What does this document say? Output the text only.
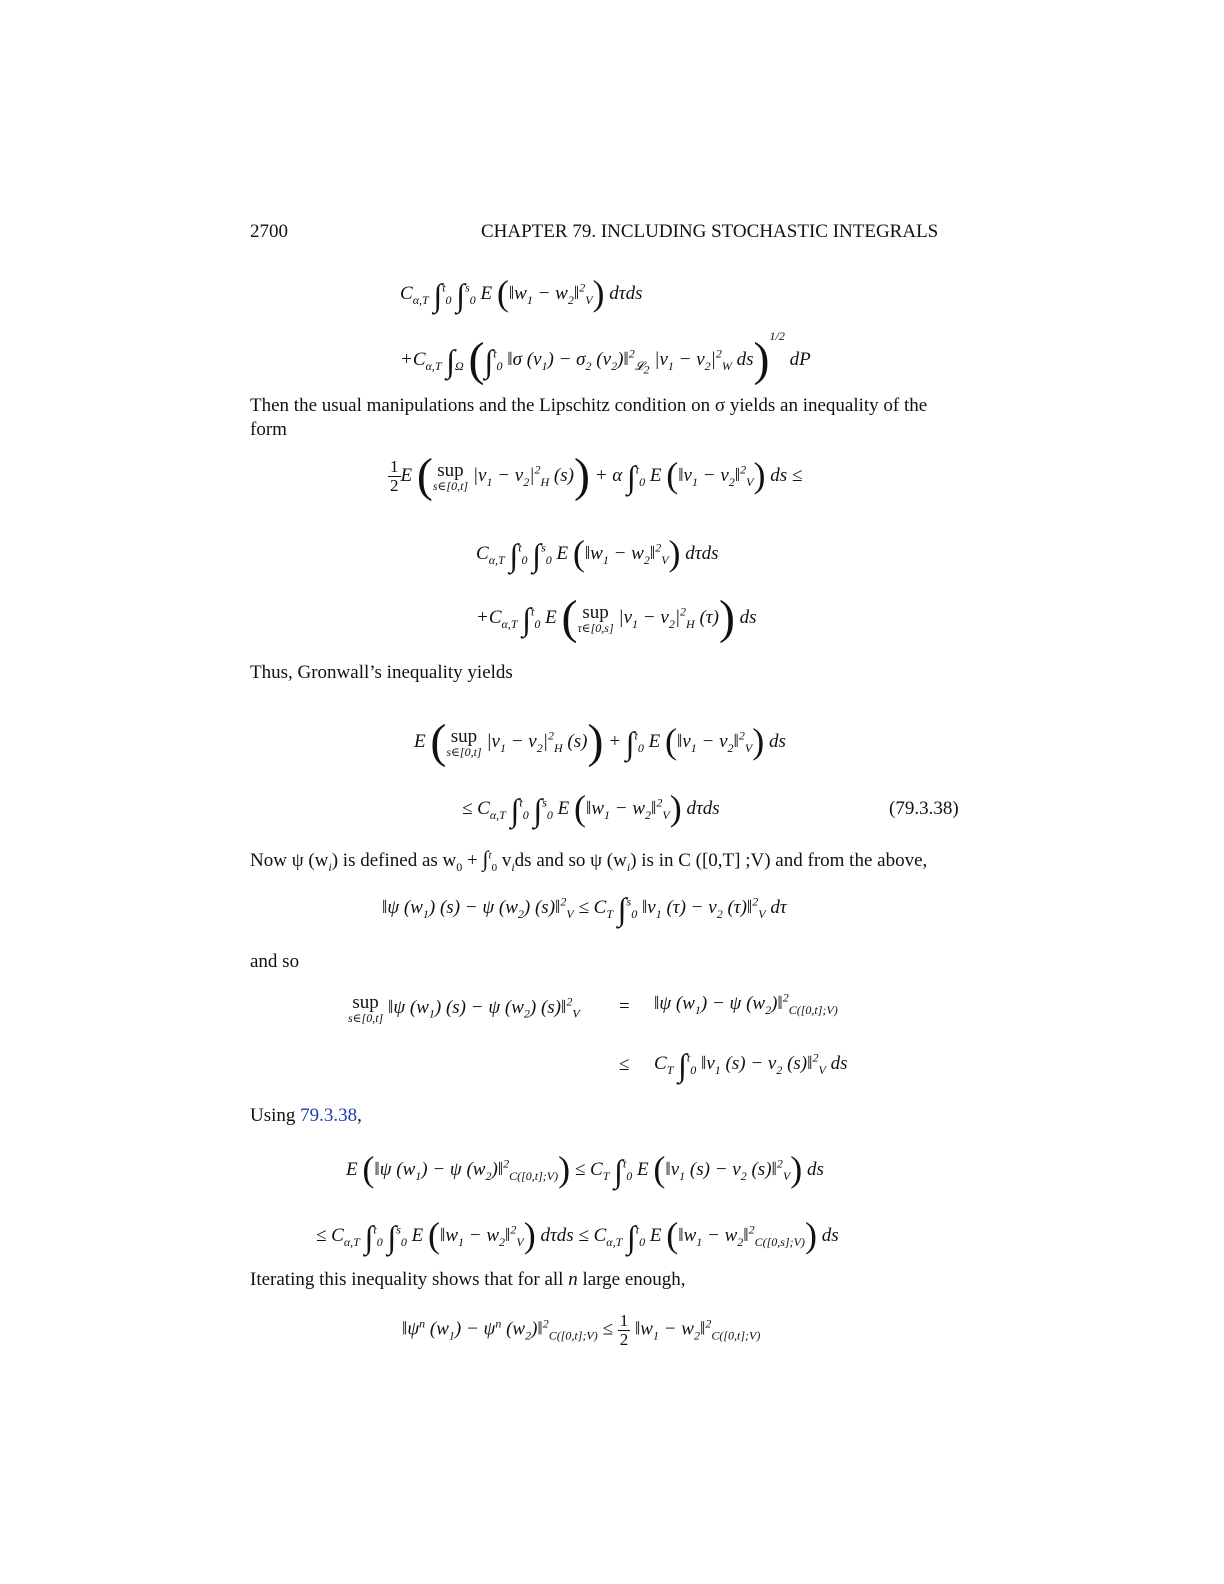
2700	CHAPTER 79. INCLUDING STOCHASTIC INTEGRALS
$C_{\alpha,T}$ ∫$^t_0$ ∫$^s_0$ E ($‖w_1$ − $w_2‖^2_V$) dτds
$+C_{\alpha,T}$ $\int_\Omega$ (∫$^t_0$ ‖σ $(v_1) - \sigma_2$ $(v_2)‖^2_{𝓛_2}$ $|v_1 - v_2|^2_W$ ds)$^{1/2}$ dP
Then the usual manipulations and the Lipschitz condition on σ yields an inequality of the
form
$\frac{1}{2}$ E ( sup
s∈[0,t]
$|v_1 - v_2|^2_H$ (s)) + α ∫$^t_0$ E ($‖v_1$ − $v_2‖^2_V$) ds ≤
$C_{\alpha,T}$ ∫$^t_0$ ∫$^s_0$ E ($‖w_1$ − $w_2‖^2_V$) dτds
$+C_{\alpha,T}$ ∫$^t_0$ E ( sup
τ∈[0,s]
$|v_1 - v_2|^2_H$ (τ)) ds
Thus, Gronwall’s inequality yields
E ( sup
s∈[0,t]
$|v_1 - v_2|^2_H$ (s)) + ∫$^t_0$ E ($‖v_1$ − $v_2‖^2_V$) ds
≤ $C_{\alpha,T}$ ∫$^t_0$ ∫$^s_0$ E ($‖w_1$ − $w_2‖^2_V$) dτds	(79.3.38)
Now ψ $(w_i)$ is defined as $w_0 + \int^t_0$ $v_ids$ and so ψ $(w_i)$ is in C ([0,T] ;V) and from the above,
‖ψ $(w_1) (s) - \psi$ $(w_2)$ (s)‖$^2_V$ ≤ $C_T$ ∫$^s_0$ $‖v_1$ $(\tau) - v_2$ (τ)‖$^2_V$ dτ
and so
sup
s∈[0,t]
‖ψ $(w_1) (s) - \psi$ $(w_2)$ (s)‖$^2_V$ = ‖ψ $(w_1) - \psi$ $(w_2)‖^2_{C([0,t];V)}$
≤ $C_T$ ∫$^t_0$ $‖v_1$ $(s) - v_2$ (s)‖$^2_V$ ds
Using 79.3.38,
E (‖ψ $(w_1) - \psi$ $(w_2)‖^2_{C([0,t];V)}) \le C_T$ ∫$^t_0$ E ($‖v_1$ $(s) - v_2$ (s)‖$^2_V$) ds
≤ $C_{\alpha,T}$ ∫$^t_0$ ∫$^s_0$ E ($‖w_1$ − $w_2‖^2_V$) $d\tau ds \le C_{\alpha,T}$ ∫$^t_0$ E ($‖w_1$ − $w_2‖^2_{C([0,s];V)}$) ds
Iterating this inequality shows that for all n large enough,
$‖\psi^n$ $(w_1) - \psi^n$ $(w_2)‖^2_{C([0,t];V)} \le \frac{1}{2}$ $‖w_1$ − $w_2‖^2_{C([0,t];V)}$
